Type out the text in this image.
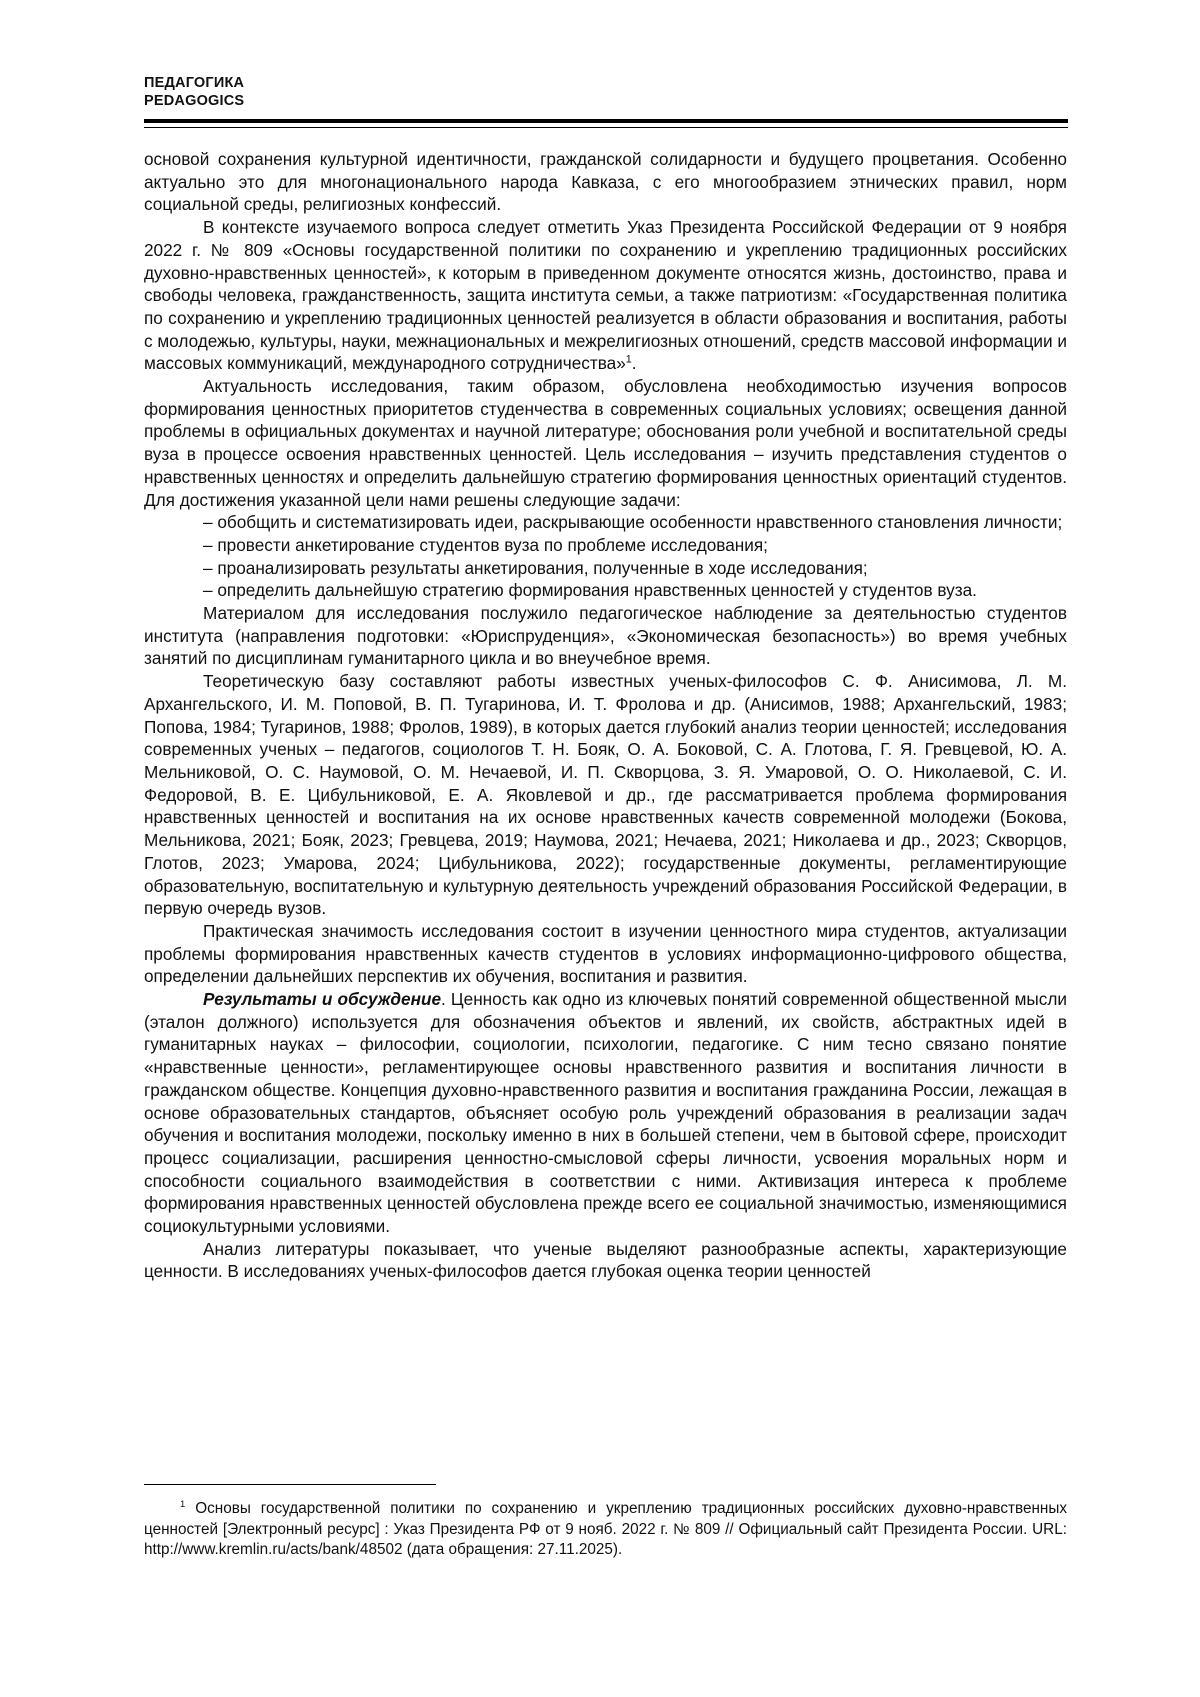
ПЕДАГОГИКА
PEDAGOGICS

основой сохранения культурной идентичности, гражданской солидарности и будущего процветания. Особенно актуально это для многонационального народа Кавказа, с его многообразием этнических правил, норм социальной среды, религиозных конфессий.

В контексте изучаемого вопроса следует отметить Указ Президента Российской Федерации от 9 ноября 2022 г. № 809 «Основы государственной политики по сохранению и укреплению традиционных российских духовно-нравственных ценностей», к которым в приведенном документе относятся жизнь, достоинство, права и свободы человека, гражданственность, защита института семьи, а также патриотизм: «Государственная политика по сохранению и укреплению традиционных ценностей реализуется в области образования и воспитания, работы с молодежью, культуры, науки, межнациональных и межрелигиозных отношений, средств массовой информации и массовых коммуникаций, международного сотрудничества»$^1$.

Актуальность исследования, таким образом, обусловлена необходимостью изучения вопросов формирования ценностных приоритетов студенчества в современных социальных условиях; освещения данной проблемы в официальных документах и научной литературе; обоснования роли учебной и воспитательной среды вуза в процессе освоения нравственных ценностей. Цель исследования – изучить представления студентов о нравственных ценностях и определить дальнейшую стратегию формирования ценностных ориентаций студентов. Для достижения указанной цели нами решены следующие задачи:

– обобщить и систематизировать идеи, раскрывающие особенности нравственного становления личности;

– провести анкетирование студентов вуза по проблеме исследования;

– проанализировать результаты анкетирования, полученные в ходе исследования;

– определить дальнейшую стратегию формирования нравственных ценностей у студентов вуза.

Материалом для исследования послужило педагогическое наблюдение за деятельностью студентов института (направления подготовки: «Юриспруденция», «Экономическая безопасность») во время учебных занятий по дисциплинам гуманитарного цикла и во внеучебное время.

Теоретическую базу составляют работы известных ученых-философов С. Ф. Анисимова, Л. М. Архангельского, И. М. Поповой, В. П. Тугаринова, И. Т. Фролова и др. (Анисимов, 1988; Архангельский, 1983; Попова, 1984; Тугаринов, 1988; Фролов, 1989), в которых дается глубокий анализ теории ценностей; исследования современных ученых – педагогов, социологов Т. Н. Бояк, О. А. Боковой, С. А. Глотова, Г. Я. Гревцевой, Ю. А. Мельниковой, О. С. Наумовой, О. М. Нечаевой, И. П. Скворцова, З. Я. Умаровой, О. О. Николаевой, С. И. Федоровой, В. Е. Цибульниковой, Е. А. Яковлевой и др., где рассматривается проблема формирования нравственных ценностей и воспитания на их основе нравственных качеств современной молодежи (Бокова, Мельникова, 2021; Бояк, 2023; Гревцева, 2019; Наумова, 2021; Нечаева, 2021; Николаева и др., 2023; Скворцов, Глотов, 2023; Умарова, 2024; Цибульникова, 2022); государственные документы, регламентирующие образовательную, воспитательную и культурную деятельность учреждений образования Российской Федерации, в первую очередь вузов.

Практическая значимость исследования состоит в изучении ценностного мира студентов, актуализации проблемы формирования нравственных качеств студентов в условиях информационно-цифрового общества, определении дальнейших перспектив их обучения, воспитания и развития.

Результаты и обсуждение. Ценность как одно из ключевых понятий современной общественной мысли (эталон должного) используется для обозначения объектов и явлений, их свойств, абстрактных идей в гуманитарных науках – философии, социологии, психологии, педагогике. С ним тесно связано понятие «нравственные ценности», регламентирующее основы нравственного развития и воспитания личности в гражданском обществе. Концепция духовно-нравственного развития и воспитания гражданина России, лежащая в основе образовательных стандартов, объясняет особую роль учреждений образования в реализации задач обучения и воспитания молодежи, поскольку именно в них в большей степени, чем в бытовой сфере, происходит процесс социализации, расширения ценностно-смысловой сферы личности, усвоения моральных норм и способности социального взаимодействия в соответствии с ними. Активизация интереса к проблеме формирования нравственных ценностей обусловлена прежде всего ее социальной значимостью, изменяющимися социокультурными условиями.

Анализ литературы показывает, что ученые выделяют разнообразные аспекты, характеризующие ценности. В исследованиях ученых-философов дается глубокая оценка теории ценностей

$^1$ Основы государственной политики по сохранению и укреплению традиционных российских духовно-нравственных ценностей [Электронный ресурс] : Указ Президента РФ от 9 нояб. 2022 г. № 809 // Официальный сайт Президента России. URL: http://www.kremlin.ru/acts/bank/48502 (дата обращения: 27.11.2025).
